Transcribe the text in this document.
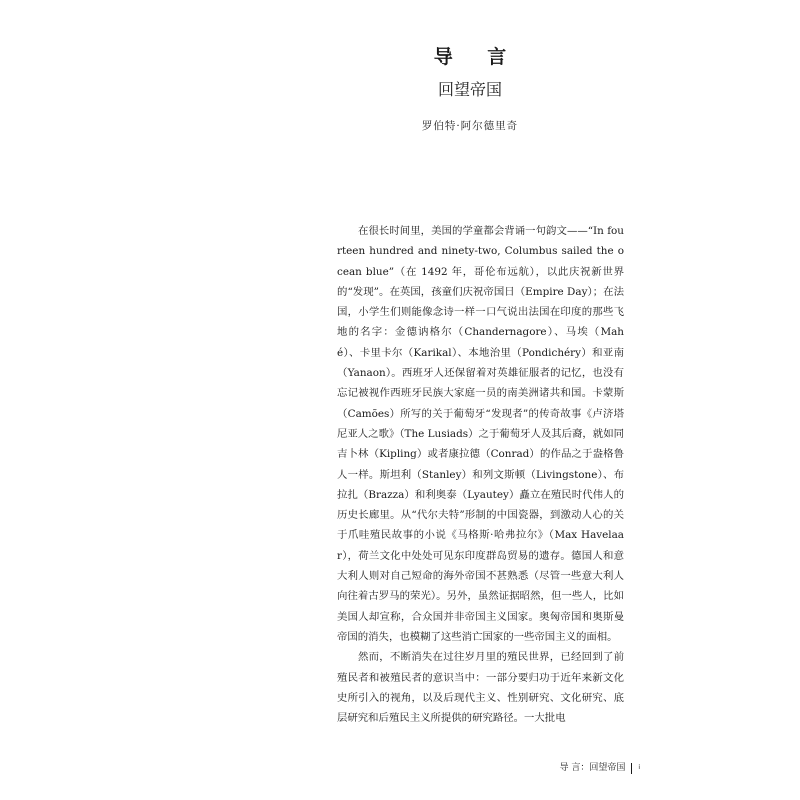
导 言
回望帝国
罗伯特·阿尔德里奇

在很长时间里，美国的学童都会背诵一句韵文——“In fourteen hundred and ninety-two, Columbus sailed the ocean blue”（在 1492 年，哥伦布远航），以此庆祝新世界的“发现”。在英国，孩童们庆祝帝国日（Empire Day）；在法国，小学生们则能像念诗一样一口气说出法国在印度的那些飞地的名字：金德讷格尔（Chandernagore）、马埃（Mahé）、卡里卡尔（Karikal）、本地治里（Pondichéry）和亚南（Yanaon）。西班牙人还保留着对英雄征服者的记忆，也没有忘记被视作西班牙民族大家庭一员的南美洲诸共和国。卡蒙斯（Camões）所写的关于葡萄牙“发现者”的传奇故事《卢济塔尼亚人之歌》（The Lusiads）之于葡萄牙人及其后裔，就如同吉卜林（Kipling）或者康拉德（Conrad）的作品之于盎格鲁人一样。斯坦利（Stanley）和列文斯顿（Livingstone）、布拉扎（Brazza）和利奥泰（Lyautey）矗立在殖民时代伟人的历史长廊里。从“代尔夫特”形制的中国瓷器，到激动人心的关于爪哇殖民故事的小说《马格斯·哈弗拉尔》（Max Havelaar），荷兰文化中处处可见东印度群岛贸易的遗存。德国人和意大利人则对自己短命的海外帝国不甚熟悉（尽管一些意大利人向往着古罗马的荣光）。另外，虽然证据昭然，但一些人，比如美国人却宣称，合众国并非帝国主义国家。奥匈帝国和奥斯曼帝国的消失，也模糊了这些消亡国家的一些帝国主义的面相。

然而，不断消失在过往岁月里的殖民世界，已经回到了前殖民者和被殖民者的意识当中：一部分要归功于近年来新文化史所引入的视角，以及后现代主义、性别研究、文化研究、底层研究和后殖民主义所提供的研究路径。一大批电

导 言：回望帝国 i
